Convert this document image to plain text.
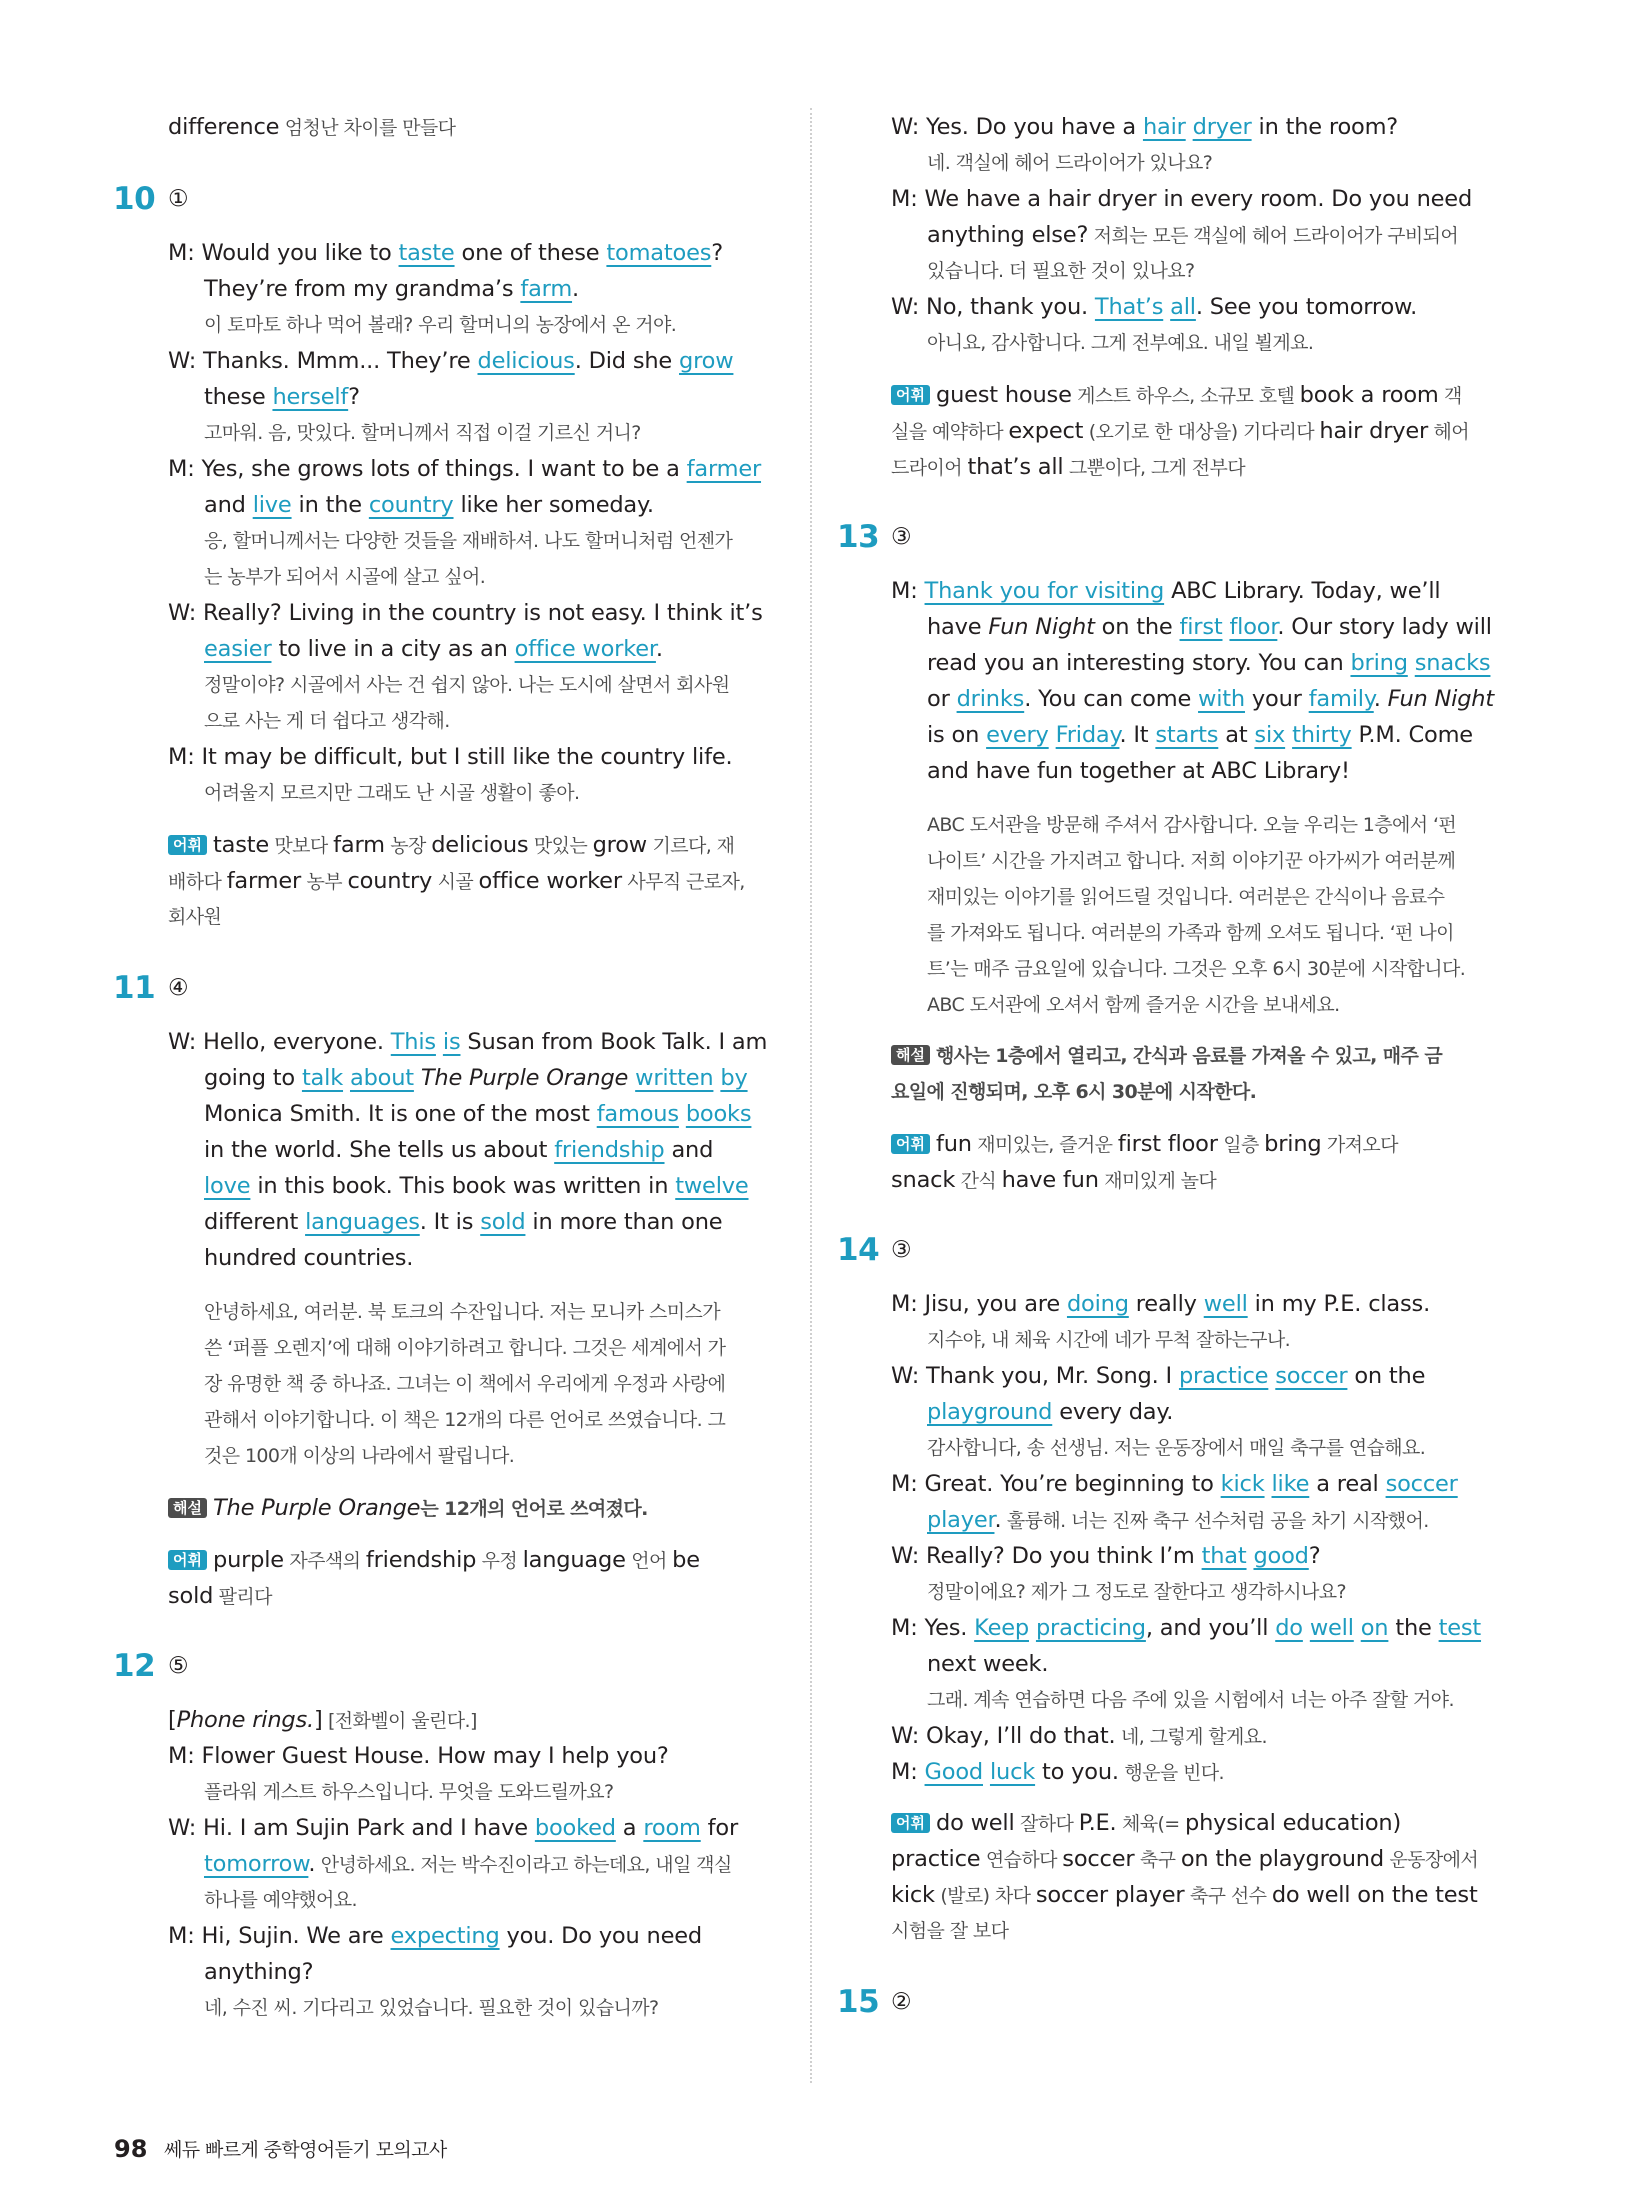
difference 엄청난 차이를 만들다
10 ①
M: Would you like to taste one of these tomatoes?
They’re from my grandma’s farm.
이 토마토 하나 먹어 볼래? 우리 할머니의 농장에서 온 거야.
W: Thanks. Mmm... They’re delicious. Did she grow
these herself?
고마워. 음, 맛있다. 할머니께서 직접 이걸 기르신 거니?
M: Yes, she grows lots of things. I want to be a farmer
and live in the country like her someday.
응, 할머니께서는 다양한 것들을 재배하셔. 나도 할머니처럼 언젠가
는 농부가 되어서 시골에 살고 싶어.
W: Really? Living in the country is not easy. I think it’s
easier to live in a city as an office worker.
정말이야? 시골에서 사는 건 쉽지 않아. 나는 도시에 살면서 회사원
으로 사는 게 더 쉽다고 생각해.
M: It may be difficult, but I still like the country life.
어려울지 모르지만 그래도 난 시골 생활이 좋아.
어휘 taste 맛보다 farm 농장 delicious 맛있는 grow 기르다, 재
배하다 farmer 농부 country 시골 office worker 사무직 근로자,
회사원
11 ④
W: Hello, everyone. This is Susan from Book Talk. I am
going to talk about The Purple Orange written by
Monica Smith. It is one of the most famous books
in the world. She tells us about friendship and
love in this book. This book was written in twelve
different languages. It is sold in more than one
hundred countries.
안녕하세요, 여러분. 북 토크의 수잔입니다. 저는 모니카 스미스가
쓴 ‘퍼플 오렌지’에 대해 이야기하려고 합니다. 그것은 세계에서 가
장 유명한 책 중 하나죠. 그녀는 이 책에서 우리에게 우정과 사랑에
관해서 이야기합니다. 이 책은 12개의 다른 언어로 쓰였습니다. 그
것은 100개 이상의 나라에서 팔립니다.
해설 The Purple Orange는 12개의 언어로 쓰여졌다.
어휘 purple 자주색의 friendship 우정 language 언어 be
sold 팔리다
12 ⑤
[Phone rings.] [전화벨이 울린다.]
M: Flower Guest House. How may I help you?
플라워 게스트 하우스입니다. 무엇을 도와드릴까요?
W: Hi. I am Sujin Park and I have booked a room for
tomorrow. 안녕하세요. 저는 박수진이라고 하는데요, 내일 객실
하나를 예약했어요.
M: Hi, Sujin. We are expecting you. Do you need
anything?
네, 수진 씨. 기다리고 있었습니다. 필요한 것이 있습니까?
W: Yes. Do you have a hair dryer in the room?
네. 객실에 헤어 드라이어가 있나요?
M: We have a hair dryer in every room. Do you need
anything else? 저희는 모든 객실에 헤어 드라이어가 구비되어
있습니다. 더 필요한 것이 있나요?
W: No, thank you. That’s all. See you tomorrow.
아니요, 감사합니다. 그게 전부예요. 내일 뵐게요.
어휘 guest house 게스트 하우스, 소규모 호텔 book a room 객
실을 예약하다 expect (오기로 한 대상을) 기다리다 hair dryer 헤어
드라이어 that’s all 그뿐이다, 그게 전부다
13 ③
M: Thank you for visiting ABC Library. Today, we’ll
have Fun Night on the first floor. Our story lady will
read you an interesting story. You can bring snacks
or drinks. You can come with your family. Fun Night
is on every Friday. It starts at six thirty P.M. Come
and have fun together at ABC Library!
ABC 도서관을 방문해 주셔서 감사합니다. 오늘 우리는 1층에서 ‘펀
나이트’ 시간을 가지려고 합니다. 저희 이야기꾼 아가씨가 여러분께
재미있는 이야기를 읽어드릴 것입니다. 여러분은 간식이나 음료수
를 가져와도 됩니다. 여러분의 가족과 함께 오셔도 됩니다. ‘펀 나이
트’는 매주 금요일에 있습니다. 그것은 오후 6시 30분에 시작합니다.
ABC 도서관에 오셔서 함께 즐거운 시간을 보내세요.
해설 행사는 1층에서 열리고, 간식과 음료를 가져올 수 있고, 매주 금
요일에 진행되며, 오후 6시 30분에 시작한다.
어휘 fun 재미있는, 즐거운 first floor 일층 bring 가져오다
snack 간식 have fun 재미있게 놀다
14 ③
M: Jisu, you are doing really well in my P.E. class.
지수야, 내 체육 시간에 네가 무척 잘하는구나.
W: Thank you, Mr. Song. I practice soccer on the
playground every day.
감사합니다, 송 선생님. 저는 운동장에서 매일 축구를 연습해요.
M: Great. You’re beginning to kick like a real soccer
player. 훌륭해. 너는 진짜 축구 선수처럼 공을 차기 시작했어.
W: Really? Do you think I’m that good?
정말이에요? 제가 그 정도로 잘한다고 생각하시나요?
M: Yes. Keep practicing, and you’ll do well on the test
next week.
그래. 계속 연습하면 다음 주에 있을 시험에서 너는 아주 잘할 거야.
W: Okay, I’ll do that. 네, 그렇게 할게요.
M: Good luck to you. 행운을 빈다.
어휘 do well 잘하다 P.E. 체육(= physical education)
practice 연습하다 soccer 축구 on the playground 운동장에서
kick (발로) 차다 soccer player 축구 선수 do well on the test
시험을 잘 보다
15 ②
98 쎄듀 빠르게 중학영어듣기 모의고사
